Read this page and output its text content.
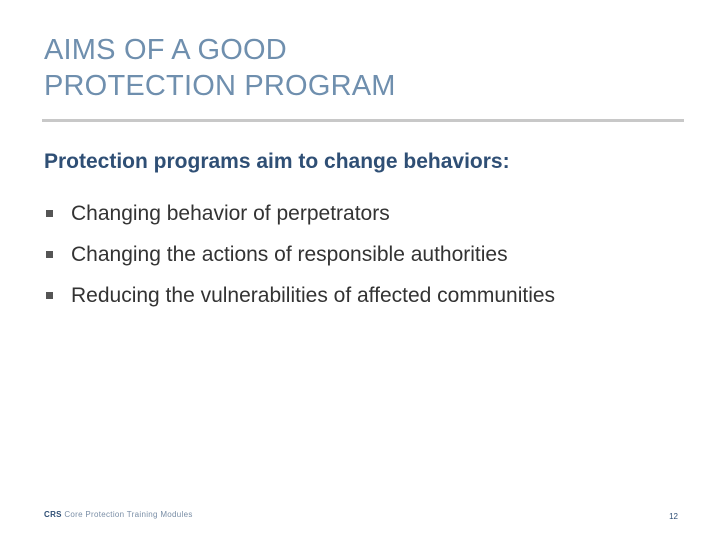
AIMS OF A GOOD
PROTECTION PROGRAM

Protection programs aim to change behaviors:

Changing behavior of perpetrators
Changing the actions of responsible authorities
Reducing the vulnerabilities of affected communities
CRS Core Protection Training Modules	12
